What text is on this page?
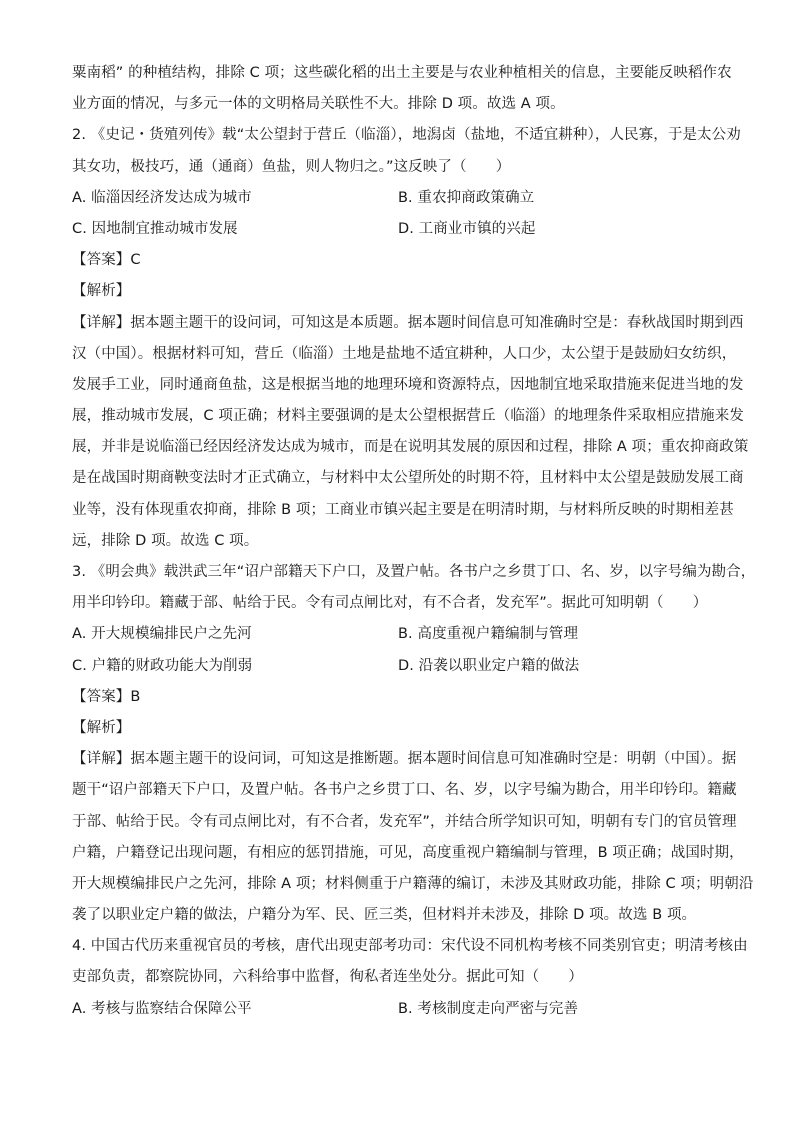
粟南稻” 的种植结构，排除 C 项；这些碳化稻的出土主要是与农业种植相关的信息，主要能反映稻作农
业方面的情况，与多元一体的文明格局关联性不大。排除 D 项。故选 A 项。
2. 《史记・货殖列传》载“太公望封于营丘（临淄），地潟卤（盐地，不适宜耕种），人民寡，于是太公劝
其女功，极技巧，通（通商）鱼盐，则人物归之。”这反映了（　　）
A. 临淄因经济发达成为城市	B. 重农抑商政策确立
C. 因地制宜推动城市发展	D. 工商业市镇的兴起
【答案】C
【解析】
【详解】据本题主题干的设问词，可知这是本质题。据本题时间信息可知准确时空是：春秋战国时期到西
汉（中国）。根据材料可知，营丘（临淄）土地是盐地不适宜耕种，人口少，太公望于是鼓励妇女纺织，
发展手工业，同时通商鱼盐，这是根据当地的地理环境和资源特点，因地制宜地采取措施来促进当地的发
展，推动城市发展，C 项正确；材料主要强调的是太公望根据营丘（临淄）的地理条件采取相应措施来发
展，并非是说临淄已经因经济发达成为城市，而是在说明其发展的原因和过程，排除 A 项；重农抑商政策
是在战国时期商鞅变法时才正式确立，与材料中太公望所处的时期不符，且材料中太公望是鼓励发展工商
业等，没有体现重农抑商，排除 B 项；工商业市镇兴起主要是在明清时期，与材料所反映的时期相差甚
远，排除 D 项。故选 C 项。
3. 《明会典》载洪武三年“诏户部籍天下户口，及置户帖。各书户之乡贯丁口、名、岁，以字号编为勘合，
用半印钤印。籍藏于部、帖给于民。令有司点闸比对，有不合者，发充军”。据此可知明朝（　　）
A. 开大规模编排民户之先河	B. 高度重视户籍编制与管理
C. 户籍的财政功能大为削弱	D. 沿袭以职业定户籍的做法
【答案】B
【解析】
【详解】据本题主题干的设问词，可知这是推断题。据本题时间信息可知准确时空是：明朝（中国）。据
题干“诏户部籍天下户口，及置户帖。各书户之乡贯丁口、名、岁，以字号编为勘合，用半印钤印。籍藏
于部、帖给于民。令有司点闸比对，有不合者，发充军”，并结合所学知识可知，明朝有专门的官员管理
户籍，户籍登记出现问题，有相应的惩罚措施，可见，高度重视户籍编制与管理，B 项正确；战国时期，
开大规模编排民户之先河，排除 A 项；材料侧重于户籍薄的编订，未涉及其财政功能，排除 C 项；明朝沿
袭了以职业定户籍的做法，户籍分为军、民、匠三类，但材料并未涉及，排除 D 项。故选 B 项。
4. 中国古代历来重视官员的考核，唐代出现吏部考功司：宋代设不同机构考核不同类别官吏；明清考核由
吏部负责，都察院协同，六科给事中监督，徇私者连坐处分。据此可知（　　）
A. 考核与监察结合保障公平	B. 考核制度走向严密与完善
